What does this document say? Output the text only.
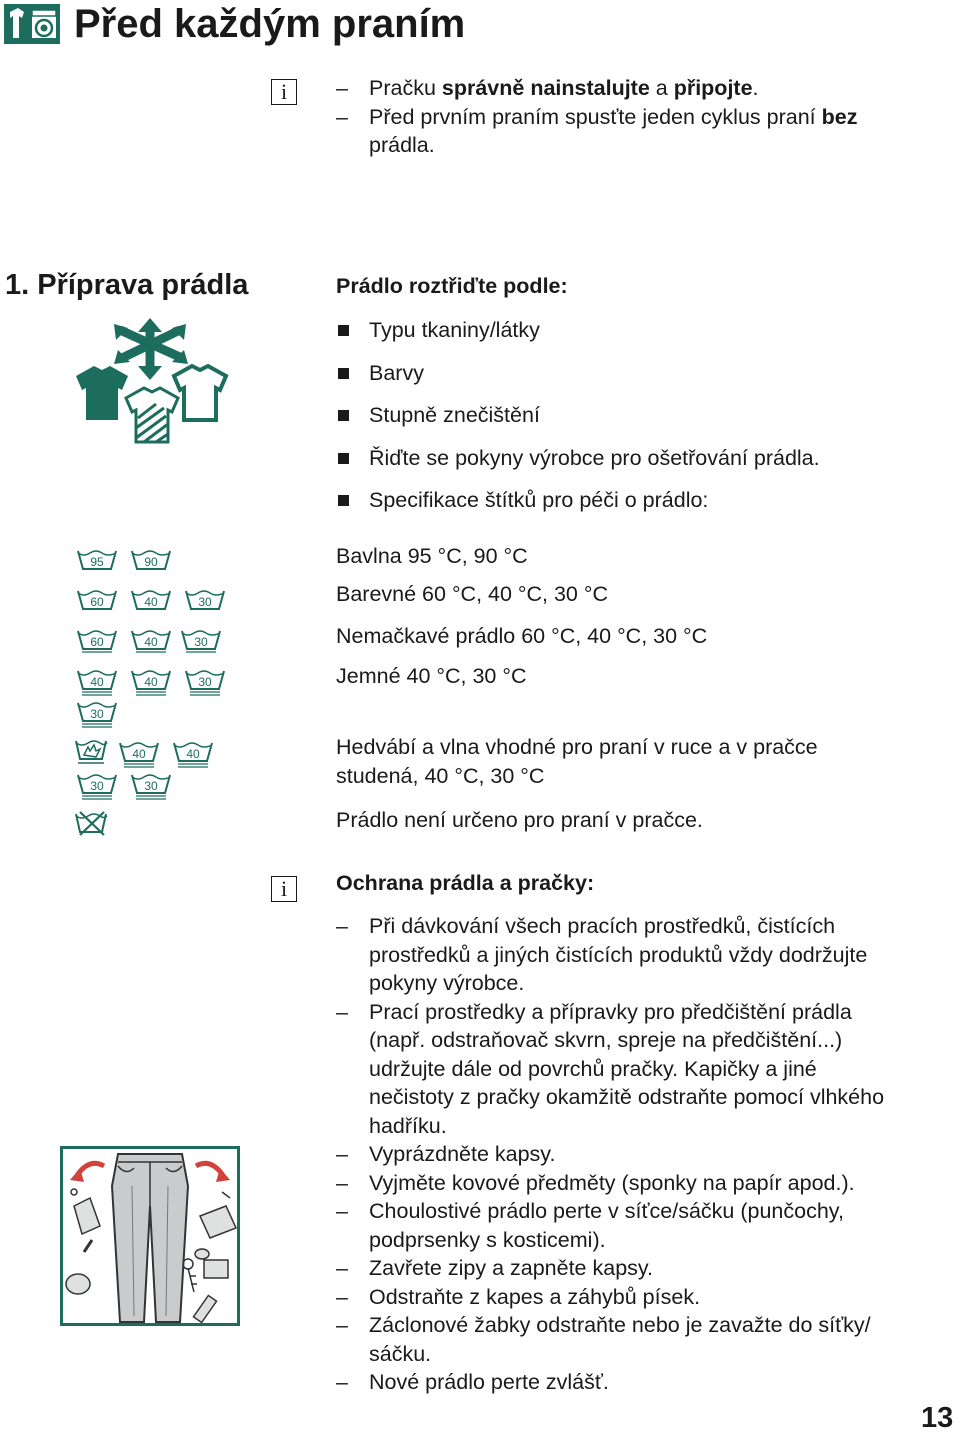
Před každým praním
i	– Pračku správně nainstalujte a připojte.
– Před prvním praním spusťte jeden cyklus praní bez
prádla.
1. Příprava prádla	Prádlo roztřiďte podle:
Typu tkaniny/látky
Barvy
Stupně znečištění
Řiďte se pokyny výrobce pro ošetřování prádla.
Specifikace štítků pro péči o prádlo:
95	90
60	40	30
60	40	30
40	40	30
30
40	40
30	30
Bavlna 95 °C, 90 °C
Barevné 60 °C, 40 °C, 30 °C
Nemačkavé prádlo 60 °C, 40 °C, 30 °C
Jemné 40 °C, 30 °C
Hedvábí a vlna vhodné pro praní v ruce a v pračce
studená, 40 °C, 30 °C
Prádlo není určeno pro praní v pračce.
i	Ochrana prádla a pračky:
– Při dávkování všech pracích prostředků, čistících
prostředků a jiných čistících produktů vždy dodržujte
pokyny výrobce.
– Prací prostředky a přípravky pro předčištění prádla
(např. odstraňovač skvrn, spreje na předčištění...)
udržujte dále od povrchů pračky. Kapičky a jiné
nečistoty z pračky okamžitě odstraňte pomocí vlhkého
hadříku.
– Vyprázdněte kapsy.
– Vyjměte kovové předměty (sponky na papír apod.).
– Choulostivé prádlo perte v síťce/sáčku (punčochy,
podprsenky s kosticemi).
– Zavřete zipy a zapněte kapsy.
– Odstraňte z kapes a záhybů písek.
– Záclonové žabky odstraňte nebo je zavažte do síťky/
sáčku.
– Nové prádlo perte zvlášť.
13
